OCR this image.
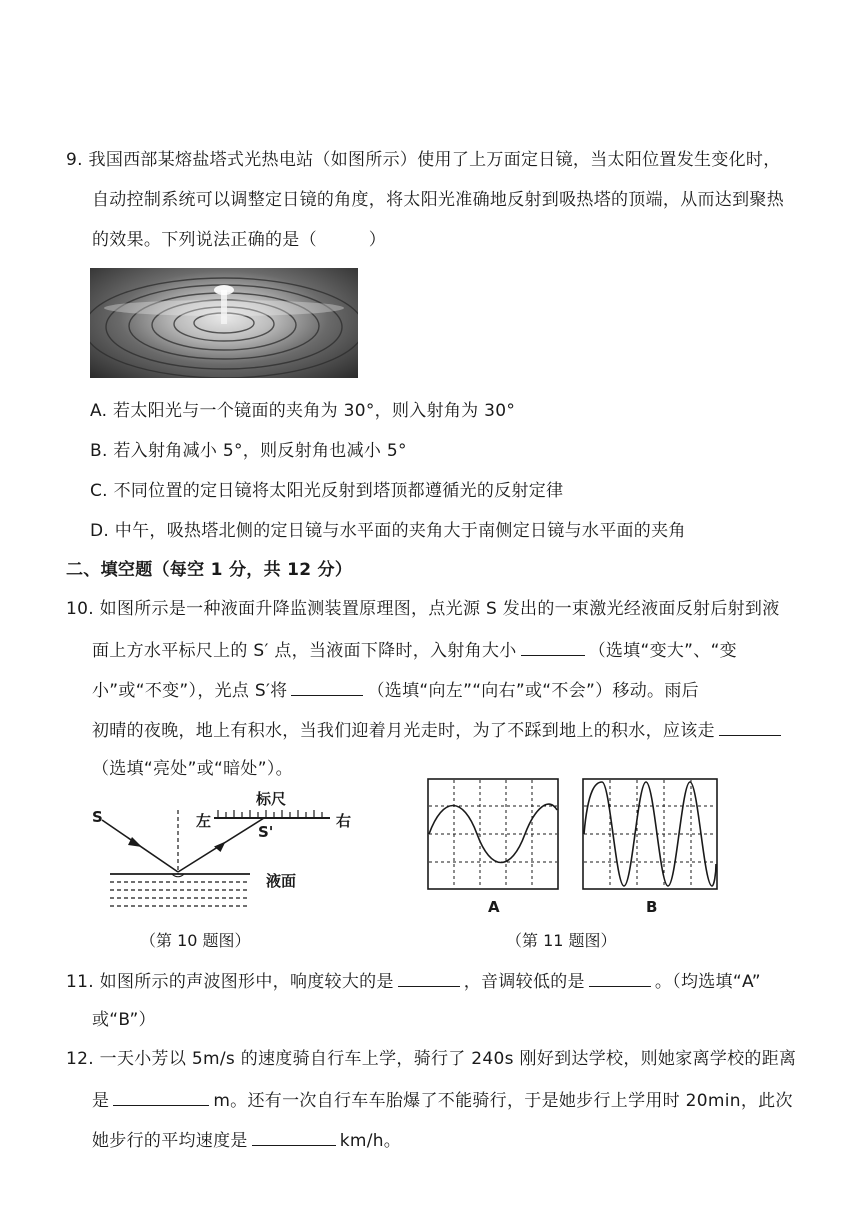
9. 我国西部某熔盐塔式光热电站（如图所示）使用了上万面定日镜，当太阳位置发生变化时，
自动控制系统可以调整定日镜的角度，将太阳光准确地反射到吸热塔的顶端，从而达到聚热
的效果。下列说法正确的是（　　　）
A. 若太阳光与一个镜面的夹角为 30°，则入射角为 30°
B. 若入射角减小 5°，则反射角也减小 5°
C. 不同位置的定日镜将太阳光反射到塔顶都遵循光的反射定律
D. 中午，吸热塔北侧的定日镜与水平面的夹角大于南侧定日镜与水平面的夹角
二、填空题（每空 1 分，共 12 分）
10. 如图所示是一种液面升降监测装置原理图，点光源 S 发出的一束激光经液面反射后射到液
面上方水平标尺上的 S′ 点，当液面下降时，入射角大小	（选填“变大”、“变
小”或“不变”），光点 S′将	（选填“向左”“向右”或“不会”）移动。雨后
初晴的夜晚，地上有积水，当我们迎着月光走时，为了不踩到地上的积水，应该走
（选填“亮处”或“暗处”）。
S
S'
左	右
标尺
液面
（第 10 题图）
A	B
（第 11 题图）
11. 如图所示的声波图形中，响度较大的是	，音调较低的是	。（均选填“A”
或“B”）
12. 一天小芳以 5m/s 的速度骑自行车上学，骑行了 240s 刚好到达学校，则她家离学校的距离
是	m。还有一次自行车车胎爆了不能骑行，于是她步行上学用时 20min，此次
她步行的平均速度是	km/h。
